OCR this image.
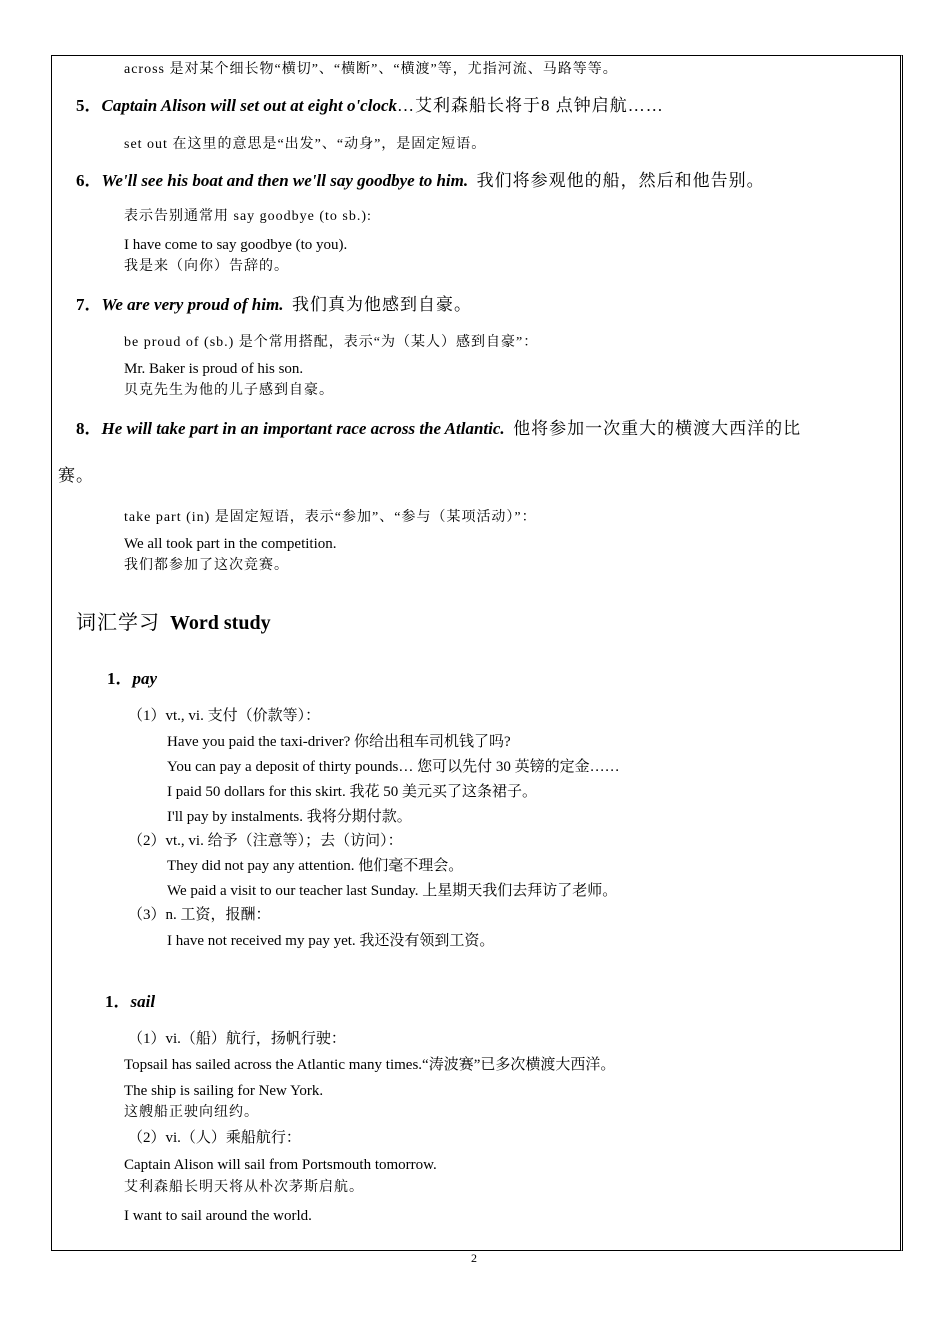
across 是对某个细长物“横切”、“横断”、“横渡”等，尤指河流、马路等等。
5．Captain Alison will set out at eight o'clock…艾利森船长将于8 点钟启航……
set out 在这里的意思是“出发”、“动身”，是固定短语。
6．We'll see his boat and then we'll say goodbye to him. 我们将参观他的船，然后和他告别。
表示告别通常用 say goodbye (to sb.):
I have come to say goodbye (to you).
我是来（向你）告辞的。
7．We are very proud of him. 我们真为他感到自豪。
be proud of (sb.) 是个常用搭配，表示“为（某人）感到自豪”：
Mr. Baker is proud of his son.
贝克先生为他的儿子感到自豪。
8．He will take part in an important race across the Atlantic. 他将参加一次重大的横渡大西洋的比
赛。
take part (in) 是固定短语，表示“参加”、“参与（某项活动）”：
We all took part in the competition.
我们都参加了这次竞赛。
词汇学习 Word study
1．pay
（1）vt., vi. 支付（价款等）：
Have you paid the taxi-driver? 你给出租车司机钱了吗?
You can pay a deposit of thirty pounds… 您可以先付 30 英镑的定金……
I paid 50 dollars for this skirt. 我花 50 美元买了这条裙子。
I'll pay by instalments. 我将分期付款。
（2）vt., vi. 给予（注意等）；去（访问）：
They did not pay any attention. 他们毫不理会。
We paid a visit to our teacher last Sunday. 上星期天我们去拜访了老师。
（3）n. 工资，报酬：
I have not received my pay yet. 我还没有领到工资。
1．sail
（1）vi.（船）航行，扬帆行驶：
Topsail has sailed across the Atlantic many times.“涛波赛”已多次横渡大西洋。
The ship is sailing for New York.
这艘船正驶向纽约。
（2）vi.（人）乘船航行：
Captain Alison will sail from Portsmouth tomorrow.
艾利森船长明天将从朴次茅斯启航。
I want to sail around the world.
2
